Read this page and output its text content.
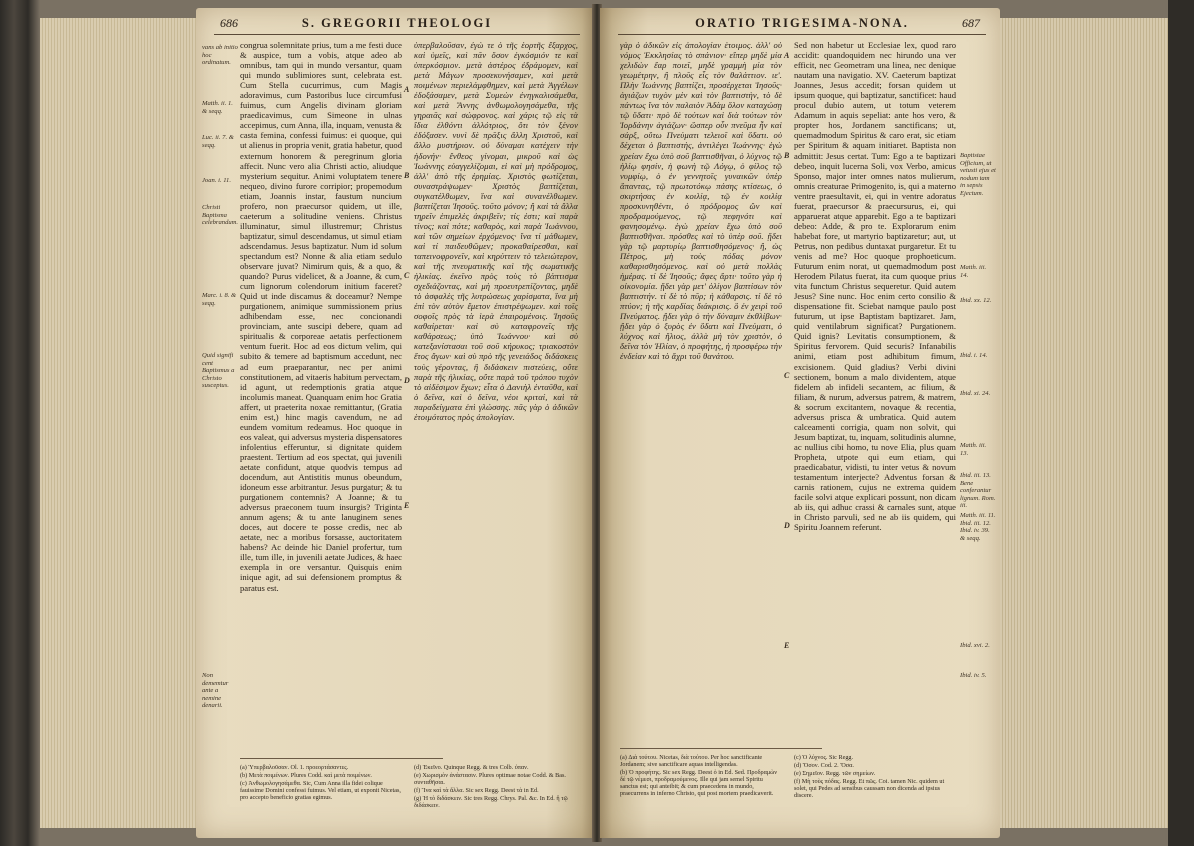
686	S. GREGORII THEOLOGI
vans ab initio hoc ordinatum.
Matth. ii. 1. & seqq.
Luc. ii. 7. & seqq.
Joan. i. 11.
Christi Baptisma celebrandum.
Marc. i. 8. & seqq.
Quid signifi cent Baptismus a Christo susceptus.
Non dememtur ante a nemine denarii.

congrua solemnitate prius, tum a me festi duce & auspice, tum a vobis, atque adeo ab omnibus, tam qui in mundo versantur, quam qui mundo sublimiores sunt, celebrata est. Cum Stella cucurrimus, cum Magis adoravimus, cum Pastoribus luce circumfusi fuimus, cum Angelis divinam gloriam praedicavimus, cum Simeone in ulnas accepimus, cum Anna, illa, inquam, venusta & casta femina, confessi fuimus: ei quoque, qui ut alienus in propria venit, gratia habetur, quod externum honorem & peregrinum gloria affecit. Nunc vero alia Christi actio, aliudque mysterium sequitur. Animi voluptatem tenere nequeo, divino furore corripior; propemodum etiam, Joannis instar, faustum nuncium profero, non praecursor quidem, ut ille, caeterum a solitudine veniens. Christus illuminatur, simul illustremur; Christus baptizatur, simul descendamus, ut simul etiam adscendamus. Jesus baptizatur. Num id solum spectandum est? Nonne & alia etiam sedulo observare juvat? Nimirum quis, & a quo, & quando? Purus videlicet, & a Joanne, & cum, cum lignorum colendorum initium faceret? Quid ut inde discamus & doceamur? Nempe purgationem, animique summissionem prius adhibendam esse, nec concionandi provinciam, ante suscipi debere, quam ad spiritualis & corporeae aetatis perfectionem ventum fuerit. Hoc ad eos dictum velim, qui subito & temere ad baptismum accedunt, nec ad eum praeparantur, nec per animi constitutionem, ad vitaeris habitum pervectam, id agunt, ut redemptionis gratia atque incolumis maneat. Quanquam enim hoc Gratia affert, ut praeterita noxae remittantur, (Gratia enim est,) hinc magis cavendum, ne ad eundem vomitum redeamus. Hoc quoque in eos valeat, qui adversus mysteria dispensatores infolentius efferuntur, si dignitate quidem praestent. Tertium ad eos spectat, qui juvenili aetate confidunt, atque quodvis tempus ad docendum, aut Antistitis munus obeundum, idoneum esse arbitrantur. Jesus purgatur; & tu purgationem contemnis? A Joanne; & tu adversus praeconem tuum insurgis? Triginta annum agens; & tu ante lanuginem senes doces, aut docere te posse credis, nec ab aetate, nec a moribus forsasse, auctoritatem habens? Ac deinde hic Daniel profertur, tum ille, tum ille, in juvenili aetate Judices, & haec exempla in ore versantur. Quisquis enim inique agit, ad sui defensionem promptus & paratus est.

A
B
C
D
E

ὑπερβαλοῦσαν, ἐγὼ τε ὁ τῆς ἑορτῆς ἔξαρχος, καὶ ὑμεῖς, καὶ πᾶν ὅσον ἐγκόσμιόν τε καὶ ὑπερκόσμιον. μετὰ ἀστέρος ἐδράμομεν, καὶ μετὰ Μάγων προσεκυνήσαμεν, καὶ μετὰ ποιμένων περιελάμφθημεν, καὶ μετὰ Ἀγγέλων ἐδοξάσαμεν, μετὰ Συμεὼν ἐνηγκαλισάμεθα, καὶ μετὰ Ἄννης ἀνθωμολογησάμεθα, τῆς γηραιᾶς καὶ σώφρονος. καὶ χάρις τῷ εἰς τὰ ἴδια ἐλθόντι ἀλλότριος, ὅτι τὸν ξένον ἐδόξασεν. νυνὶ δὲ πρᾶξις ἄλλη Χριστοῦ, καὶ ἄλλο μυστήριον. οὐ δύναμαι κατέχειν τὴν ἡδονήν· ἔνθεος γίνομαι, μικροῦ καὶ ὡς Ἰωάννης εὐαγγελίζομαι, εἰ καὶ μὴ πρόδρομος, ἀλλ' ἀπὸ τῆς ἐρημίας. Χριστὸς φωτίζεται, συναστράψωμεν· Χριστὸς βαπτίζεται, συγκατέλθωμεν, ἵνα καὶ συνανέλθωμεν. βαπτίζεται Ἰησοῦς. τοῦτο μόνον; ἢ καὶ τὰ ἄλλα τηρεῖν ἐπιμελὲς ἀκριβεῖν; τίς ἐστι; καὶ παρὰ τίνος; καὶ πότε; καθαρὸς, καὶ παρὰ Ἰωάννου, καὶ τῶν σημείων ἐρχόμενος· ἵνα τί μάθωμεν, καὶ τί παιδευθῶμεν; προκαθαίρεσθαι, καὶ ταπεινοφρονεῖν, καὶ κηρύττειν τὸ τελειώτερον, καὶ τῆς πνευματικῆς καὶ τῆς σωματικῆς ἡλικίας. ἐκεῖνο πρὸς τοὺς τὸ βάπτισμα σχεδιάζοντας, καὶ μὴ προευτρεπίζοντας, μηδὲ τὸ ἀσφαλὲς τῆς λυτρώσεως χαρίσματα, ἵνα μὴ ἐπὶ τὸν αὐτὸν ἔμετον ἐπιστρέψωμεν. καὶ τοῖς σοφοῖς πρὸς τὰ ἱερὰ ἐπαιρομένοις. Ἰησοῦς καθαίρεται· καὶ σὺ καταφρονεῖς τῆς καθάρσεως; ὑπὸ Ἰωάννου· καὶ σὺ κατεξανίστασαι τοῦ σοῦ κήρυκος; τριακοστὸν ἔτος ἄγων· καὶ σὺ πρὸ τῆς γενειάδος διδάσκεις τοὺς γέροντας, ἢ διδάσκειν πιστεύεις, οὔτε παρὰ τῆς ἡλικίας, οὔτε παρὰ τοῦ τρόπου τυχὸν τὸ αἰδέσιμον ἔχων; εἶτα ὁ Δανιὴλ ἐνταῦθα, καὶ ὁ δεῖνα, καὶ ὁ δεῖνα, νέοι κριταί, καὶ τὰ παραδείγματα ἐπὶ γλώσσης. πᾶς γὰρ ὁ ἀδικῶν ἑτοιμότατος πρὸς ἀπολογίαν.

(a) Ὑπερβαλοῦσαν. Ol. 1. προεορτάσαντες.
(b) Μετὰ ποιμένων. Plures Codd. καὶ μετὰ ποιμένων.
(c) Ἀνθωμολογησάμεθα. Sic, Cum Anna illa fidei colique fauissime Domini confessi fuimus. Vel etiam, ut exponit Nicetas, pro accepto beneficio gratias egimus.
(d) Ἐκεῖνο. Quinque Regg. & tres Colb. ὑπαν.
(e) Χωρισμὸν ἀνάστασιν. Plures optimae notae Codd. & Bas. συνταθῆσαι.
(f) Ἵνα καὶ τὰ ἄλλα. Sic sex Regg. Deest τὰ in Ed.
(g) Ἡ τὸ διδάσκειν. Sic tres Regg. Chrys. Pal. &c. In Ed. ἢ τῷ διδάσκειν.
ORATIO TRIGESIMA-NONA.	687

γὰρ ὁ ἀδικῶν εἰς ἀπολογίαν ἑτοιμος. ἀλλ' οὐ νόμος Ἐκκλησίας τὸ σπάνιον· εἴπερ μηδὲ μία χελιδὼν ἔαρ ποιεῖ, μηδὲ γραμμὴ μία τὸν γεωμέτρην, ἢ πλοῦς εἷς τὸν θαλάττιον. ιε'. Πλὴν Ἰωάννης βαπτίζει, προσέρχεται Ἰησοῦς· ἁγιάζων τυχὸν μὲν καὶ τὸν βαπτιστὴν, τὸ δὲ πάντως ἵνα τὸν παλαιὸν Ἀδὰμ ὅλον καταχώσῃ τῷ ὕδατι· πρὸ δὲ τούτων καὶ διὰ τούτων τὸν Ἰορδάνην ἁγιάζων· ὥσπερ οὖν πνεῦμα ἦν καὶ σάρξ, οὕτω Πνεύματι τελειοῖ καὶ ὕδατι. οὐ δέχεται ὁ βαπτιστὴς, ἀντιλέγει Ἰωάννης· ἐγὼ χρείαν ἔχω ὑπὸ σοῦ βαπτισθῆναι, ὁ λύχνος τῷ ἡλίῳ φησίν, ἡ φωνὴ τῷ Λόγῳ, ὁ φίλος τῷ νυμφίῳ, ὁ ἐν γεννητοῖς γυναικῶν ὑπὲρ ἅπαντας, τῷ πρωτοτόκῳ πάσης κτίσεως, ὁ σκιρτήσας ἐν κοιλίᾳ, τῷ ἐν κοιλίᾳ προσκυνηθέντι, ὁ πρόδρομος ὢν καὶ προδραμούμενος, τῷ πεφηνότι καὶ φανησομένῳ. ἐγὼ χρείαν ἔχω ὑπὸ σοῦ βαπτισθῆναι. πρόσθες καὶ τὸ ὑπὲρ σοῦ. ᾔδει γὰρ τῷ μαρτυρίῳ βαπτισθησόμενος· ἢ, ὡς Πέτρος, μὴ τοὺς πόδας μόνον καθαρισθησόμενος. καὶ οὐ μετὰ πολλὰς ἡμέρας. τί δὲ Ἰησοῦς; ἄφες ἄρτι· τοῦτο γὰρ ἡ οἰκονομία. ᾔδει γὰρ μετ' ὀλίγον βαπτίσων τὸν βαπτιστήν. τί δὲ τὸ πῦρ; ἡ κάθαρσις. τί δὲ τὸ πτύον; ἡ τῆς καρδίας διάκρισις. ὃ ἐν χειρὶ τοῦ Πνεύματος. ᾔδει γὰρ ὁ τὴν δύναμιν ἐκθλίβων· ᾔδει γὰρ ὁ ξυρὸς ἐν ὕδατι καὶ Πνεύματι, ὁ λύχνος καὶ ἥλιος, ἀλλὰ μὴ τὸν χριστὸν, ὁ δεῖνα τὸν Ἠλίαν, ὁ προφήτης, ἡ προσφέρω τὴν ἐνδείαν καὶ τὸ ἄχρι τοῦ θανάτου.

A
B
C
D
E

Sed non habetur ut Ecclesiae lex, quod raro accidit: quandoquidem nec hirundo una ver efficit, nec Geometram una linea, nec denique nautam una navigatio. XV. Caeterum baptizat Joannes, Jesus accedit; forsan quidem ut ipsum quoque, qui baptizatur, sanctificet: haud procul dubio autem, ut totum veterem Adamum in aquis sepeliat: ante hos vero, & propter hos, Jordanem sanctificans; ut, quemadmodum Spiritus & caro erat, sic etiam per Spiritum & aquam initiaret. Baptista non admittit: Jesus certat. Tum: Ego a te baptizari debeo, inquit lucerna Soli, vox Verbo, amicus Sponso, major inter omnes natos mulierum, omnis creaturae Primogenito, is, qui a materno ventre praesultavit, ei, qui in ventre adoratus fuerat, praecursor & praecursurus, ei, qui apparuerat atque apparebit. Ego a te baptizari debeo: Adde, & pro te. Explorarum enim habebat fore, ut martyrio baptizaretur; aut, ut Petrus, non pedibus duntaxat purgaretur. Et tu venis ad me? Hoc quoque prophoeticum. Futurum enim norat, ut quemadmodum post Herodem Pilatus fuerat, ita cum quoque prius vita functum Christus sequeretur. Quid autem Jesus? Sine nunc. Hoc enim certo consilio & dispensatione fit. Sciebat namque paulo post futurum, ut ipse Baptistam baptizaret. Jam, quid ventilabrum significat? Purgationem. Quid ignis? Levitatis consumptionem, & Spiritus fervorem. Quid securis? Infanabilis animi, etiam post adhibitum fimum, excisionem. Quid gladius? Verbi divini sectionem, bonum a malo dividentem, atque fidelem ab infideli secantem, ac filium, & filiam, & nurum, adversus patrem, & matrem, & socrum excitantem, novaque & recentia, adversus prisca & umbratica. Quid autem calceamenti corrigia, quam non solvit, qui Jesum baptizat, tu, inquam, solitudinis alumne, ac nullius cibi homo, tu nove Elia, plus quam Propheta, utpote qui eum etiam, qui praedicabatur, vidisti, tu inter vetus & novum testamentum interjecte? Adventus forsan & carnis rationem, cujus ne extrema quidem facile solvi atque explicari possunt, non dicam ab iis, qui adhuc crassi & carnales sunt, atque in Christo parvuli, sed ne ab iis quidem, qui Spiritu Joannem referunt.

Baptistae Officium, ut vetusti ejus et nodum tam in sepsis Ejectum.
Matth. iii. 14.
Ibid. xx. 12.
Ibid. i. 14.
Ibid. xi. 24.
Matth. iii. 13.
Ibid. iii. 13. Bene conferantur lignum. Rom. iii.
Matth. iii. 11. Ibid. iii. 12. Ibid. iv. 39. & seqq.
Ibid. xvi. 2.
Ibid. iv. 5.
(a) Διὰ τούτου. Nicetas, διὰ τούτου. Per hoc sanctificante Jordanem; sive sanctificare aquas intelligendas.
(b) Ὁ προφήτης. Sic sex Regg. Deest ὁ in Ed. Sed. Προδραμὼν δὲ τῷ νέμεσι, προδραμούμενος. Ille qui jam semel Spiritu sanctus est; qui anteibit; & cum praecedens in mundo, praecurrens in inferno Christo, qui post mortem praedicaverit.
(c) Ὁ λύχνος. Sic Regg.
(d) Ὅσον. Cod. 2. Ὅσα.
(e) Σημεῖον. Regg. τῶν σημείων.
(f) Μὴ τοὺς πόδας. Regg. Et πῶς. Coi. tamen Nic. quidem ut solet, qui Pedes ad sensibus caussam non dicenda ad ipsius discere.
